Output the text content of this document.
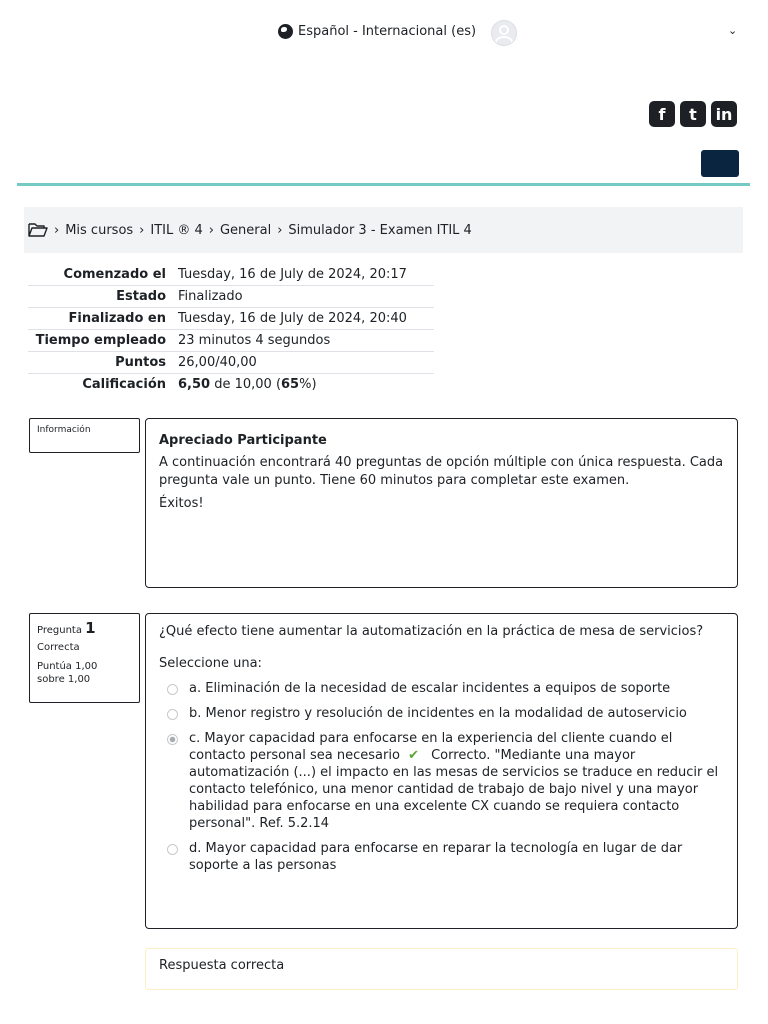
Español - Internacional (es)	⌄
f	t	in
› Mis cursos › ITIL ® 4 › General › Simulador 3 - Examen ITIL 4
Comenzado el Tuesday, 16 de July de 2024, 20:17
Estado Finalizado
Finalizado en Tuesday, 16 de July de 2024, 20:40
Tiempo empleado 23 minutos 4 segundos
Puntos 26,00/40,00
Calificación 6,50 de 10,00 (65%)
Información
Apreciado Participante
A continuación encontrará 40 preguntas de opción múltiple con única respuesta. Cada pregunta vale un punto. Tiene 60 minutos para completar este examen.
Éxitos!
Pregunta 1
Correcta
Puntúa 1,00 sobre 1,00
¿Qué efecto tiene aumentar la automatización en la práctica de mesa de servicios?
Seleccione una:
a. Eliminación de la necesidad de escalar incidentes a equipos de soporte
b. Menor registro y resolución de incidentes en la modalidad de autoservicio
c. Mayor capacidad para enfocarse en la experiencia del cliente cuando el contacto personal sea necesario ✔ Correcto. "Mediante una mayor automatización (...) el impacto en las mesas de servicios se traduce en reducir el contacto telefónico, una menor cantidad de trabajo de bajo nivel y una mayor habilidad para enfocarse en una excelente CX cuando se requiera contacto personal". Ref. 5.2.14
d. Mayor capacidad para enfocarse en reparar la tecnología en lugar de dar soporte a las personas
Respuesta correcta
